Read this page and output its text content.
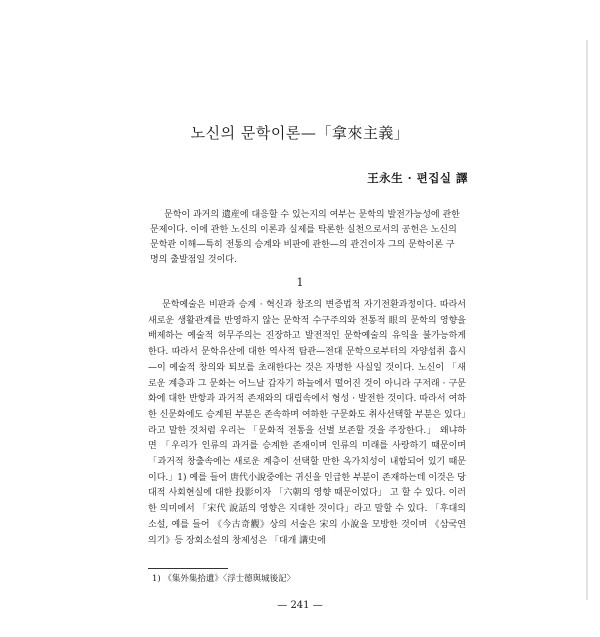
노신의 문학이론—「拿來主義」
王永生 · 편집실 譯

문학이 과거의 遺産에 대응할 수 있는지의 여부는 문학의 발전가능성에 관한 문제이다. 이에 관한 노신의 이론과 실제를 탁론한 실천으로서의 공헌은 노신의 문학관 이해—특히 전통의 승계와 비판에 관한—의 관건이자 그의 문학이론 구명의 출발점일 것이다.

1

문학예술은 비판과 승계 · 혁신과 창조의 변증법적 자기전환과정이다. 따라서 새로운 생활관계를 반영하지 않는 문학적 수구주의와 전통적 眼의 문학의 영향을 배제하는 예술적 허무주의는 진장하고 발전적인 문학예술의 유익을 불가능하게 한다. 따라서 문학유산에 대한 역사적 탐관—전대 문학으로부터의 자양섭취 흡시—이 예술적 창의와 퇴보를 초래한다는 것은 자명한 사실일 것이다. 노신이 「새로운 계층과 그 문화는 어느날 갑자기 하늘에서 떨어진 것이 아니라 구저래 · 구문화에 대한 반항과 과거적 존재와의 대립속에서 형성 · 발전한 것이다. 따라서 여하한 신문화에도 승계된 부분은 존속하며 여하한 구문화도 취사선택할 부분은 있다」라고 말한 것처럼 우리는 「문화적 전통을 선별 보존할 것을 주장한다.」 왜냐하면 「우리가 인류의 과거를 승계한 존재이며 인류의 미래를 사랑하기 때문이며 「과거적 창출속에는 새로운 계층이 선택할 만한 옥가치성이 내함되어 있기 때문이다.」1) 예를 들어 唐代小說중에는 귀신을 인급한 부분이 존재하는데 이것은 당대적 사회현실에 대한 投影이자 「六朝의 영향 때문이었다」 고 할 수 있다. 이러한 의미에서 「宋代 說話의 영향은 지대한 것이다」라고 말할 수 있다. 「후대의 소설, 예를 들어 《今古奇觀》상의 서술은 宋의 小說을 모방한 것이며 《삼국연의기》등 장회소설의 창제성은 「대개 講史에

1) 《集外集拾遺》〈浮士德與城後記〉
— 241 —
